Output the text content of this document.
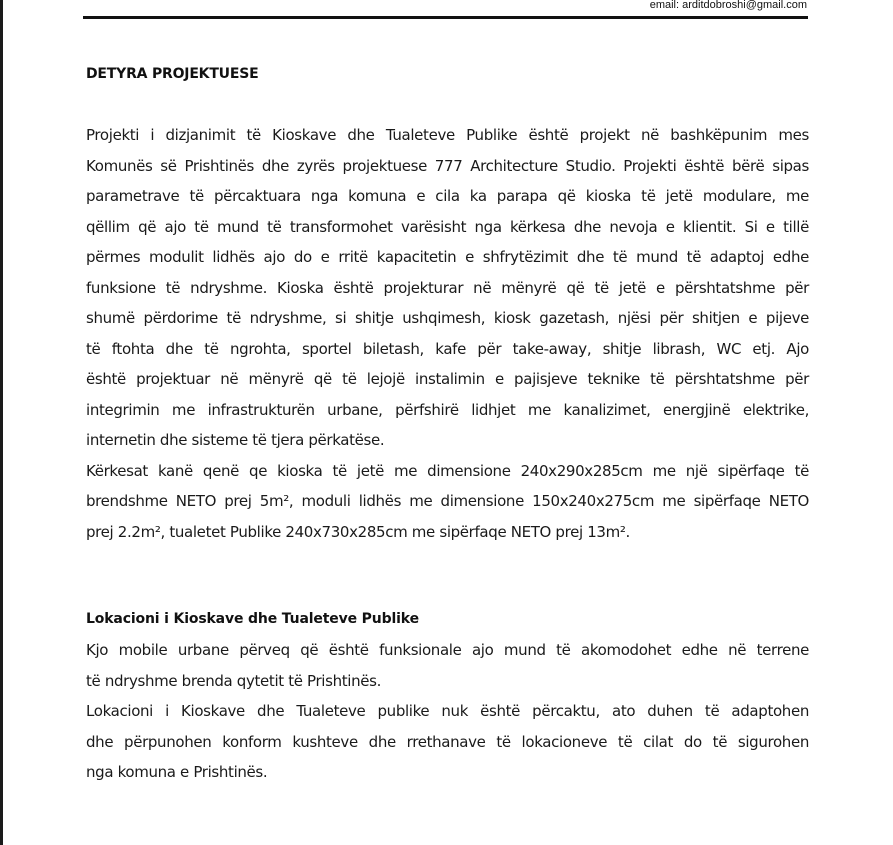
email: arditdobroshi@gmail.com
DETYRA PROJEKTUESE
Projekti i dizjanimit të Kioskave dhe Tualeteve Publike është projekt në bashkëpunim mes
Komunës së Prishtinës dhe zyrës projektuese 777 Architecture Studio. Projekti është bërë sipas
parametrave të përcaktuara nga komuna e cila ka parapa që kioska të jetë modulare, me
qëllim që ajo të mund të transformohet varësisht nga kërkesa dhe nevoja e klientit. Si e tillë
përmes modulit lidhës ajo do e rritë kapacitetin e shfrytëzimit dhe të mund të adaptoj edhe
funksione të ndryshme. Kioska është projekturar në mënyrë që të jetë e përshtatshme për
shumë përdorime të ndryshme, si shitje ushqimesh, kiosk gazetash, njësi për shitjen e pijeve
të ftohta dhe të ngrohta, sportel biletash, kafe për take-away, shitje librash, WC etj. Ajo
është projektuar në mënyrë që të lejojë instalimin e pajisjeve teknike të përshtatshme për
integrimin me infrastrukturën urbane, përfshirë lidhjet me kanalizimet, energjinë elektrike,
internetin dhe sisteme të tjera përkatëse.
Kërkesat kanë qenë qe kioska të jetë me dimensione 240x290x285cm me një sipërfaqe të
brendshme NETO prej 5m², moduli lidhës me dimensione 150x240x275cm me sipërfaqe NETO
prej 2.2m², tualetet Publike 240x730x285cm me sipërfaqe NETO prej 13m².
Lokacioni i Kioskave dhe Tualeteve Publike
Kjo mobile urbane përveq që është funksionale ajo mund të akomodohet edhe në terrene
të ndryshme brenda qytetit të Prishtinës.
Lokacioni i Kioskave dhe Tualeteve publike nuk është përcaktu, ato duhen të adaptohen
dhe përpunohen konform kushteve dhe rrethanave të lokacioneve të cilat do të sigurohen
nga komuna e Prishtinës.
